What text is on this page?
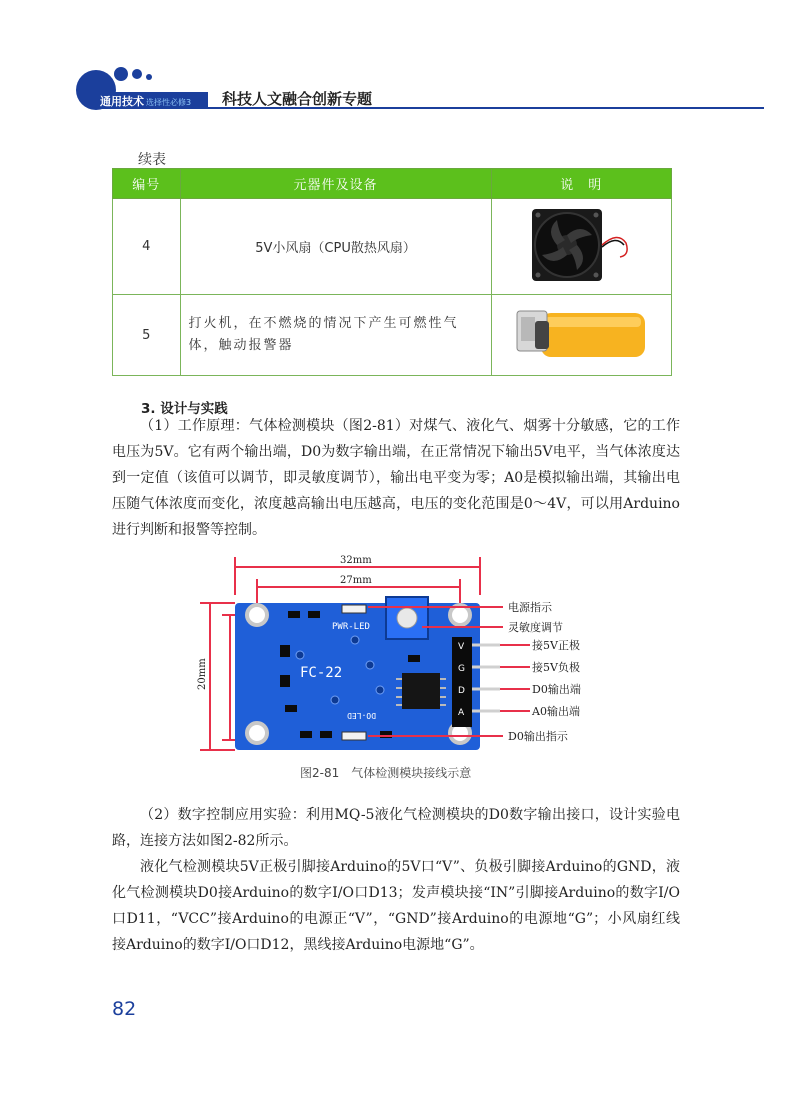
通用技术 选择性必修3 科技人文融合创新专题
续表
编号	元器件及设备	说　明
4	5V小风扇（CPU散热风扇）	
5	打火机，在不燃烧的情况下产生可燃性气体，触动报警器	
3. 设计与实践

（1）工作原理：气体检测模块（图2-81）对煤气、液化气、烟雾十分敏感，它的工作电压为5V。它有两个输出端，D0为数字输出端，在正常情况下输出5V电平，当气体浓度达到一定值（该值可以调节，即灵敏度调节），输出电平变为零；A0是模拟输出端，其输出电压随气体浓度而变化，浓度越高输出电压越高，电压的变化范围是0～4V，可以用Arduino进行判断和报警等控制。

32mm
27mm
20mm
PWR-LED
DO-LED
FC-22
V
G
D
A
电源指示
灵敏度调节
接5V正极
接5V负极
D0输出端
A0输出端
D0输出指示
图2-81　气体检测模块接线示意

（2）数字控制应用实验：利用MQ-5液化气检测模块的D0数字输出接口，设计实验电路，连接方法如图2-82所示。

液化气检测模块5V正极引脚接Arduino的5V口“V”、负极引脚接Arduino的GND，液化气检测模块D0接Arduino的数字I/O口D13；发声模块接“IN”引脚接Arduino的数字I/O口D11，“VCC”接Arduino的电源正“V”，“GND”接Arduino的电源地“G”；小风扇红线接Arduino的数字I/O口D12，黑线接Arduino电源地“G”。

82
